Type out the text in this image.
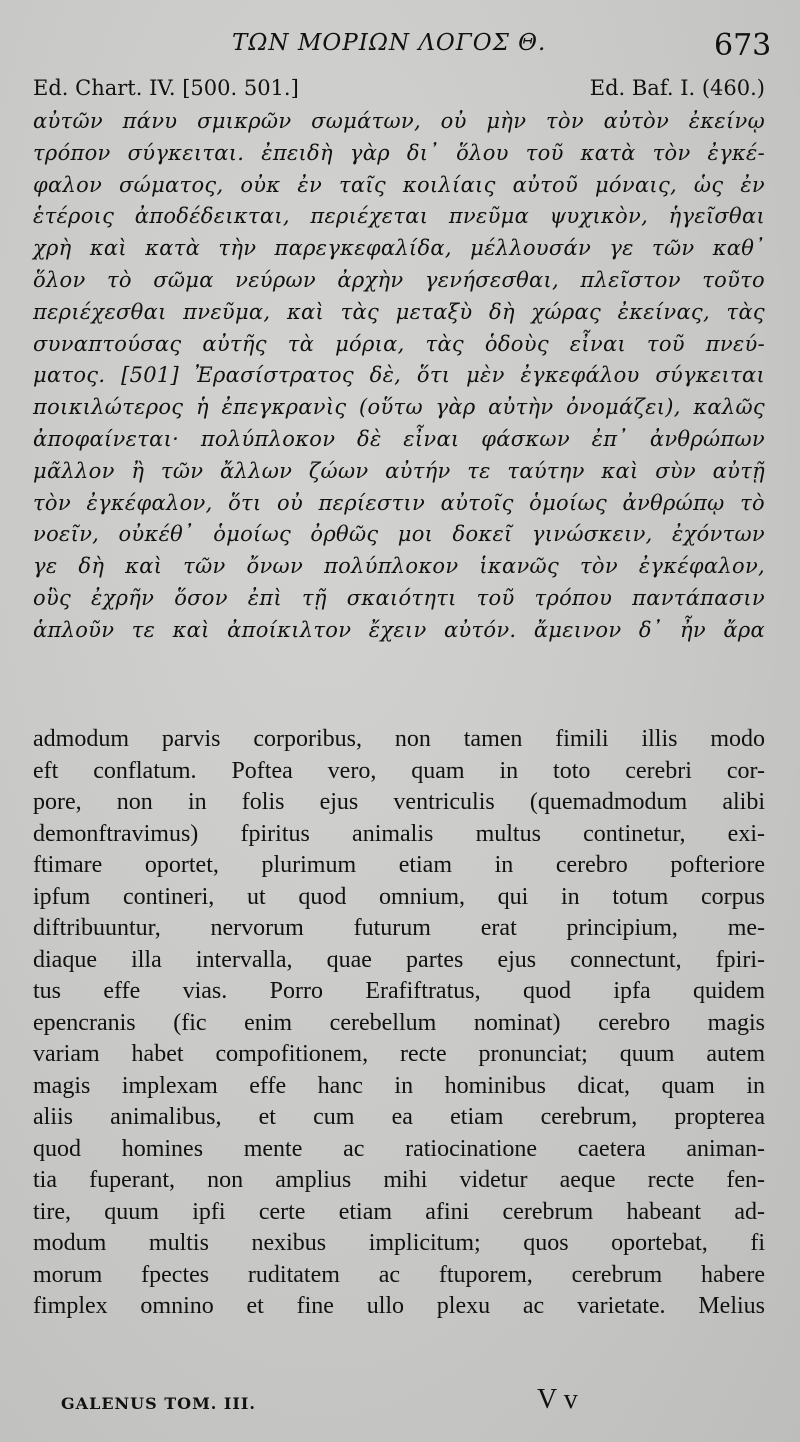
ΤΩΝ ΜΟΡΙΩΝ ΛΟΓΟΣ Θ.	673
Ed. Chart. IV. [500. 501.]	Ed. Baf. I. (460.)
αὐτῶν πάνυ σμικρῶν σωμάτων, οὐ μὴν τὸν αὐτὸν ἐκείνῳ
τρόπον σύγκειται. ἐπειδὴ γὰρ δι᾿ ὅλου τοῦ κατὰ τὸν ἐγκέ-
φαλον σώματος, οὐκ ἐν ταῖς κοιλίαις αὐτοῦ μόναις, ὡς ἐν
ἑτέροις ἀποδέδεικται, περιέχεται πνεῦμα ψυχικὸν, ἡγεῖσθαι
χρὴ καὶ κατὰ τὴν παρεγκεφαλίδα, μέλλουσάν γε τῶν καθ᾿
ὅλον τὸ σῶμα νεύρων ἀρχὴν γενήσεσθαι, πλεῖστον τοῦτο
περιέχεσθαι πνεῦμα, καὶ τὰς μεταξὺ δὴ χώρας ἐκείνας, τὰς
συναπτούσας αὐτῆς τὰ μόρια, τὰς ὁδοὺς εἶναι τοῦ πνεύ-
ματος. [501] Ἐρασίστρατος δὲ, ὅτι μὲν ἐγκεφάλου σύγκειται
ποικιλώτερος ἡ ἐπεγκρανὶς (οὕτω γὰρ αὐτὴν ὀνομάζει), καλῶς
ἀποφαίνεται· πολύπλοκον δὲ εἶναι φάσκων ἐπ᾿ ἀνθρώπων
μᾶλλον ἢ τῶν ἄλλων ζώων αὐτήν τε ταύτην καὶ σὺν αὐτῇ
τὸν ἐγκέφαλον, ὅτι οὐ περίεστιν αὐτοῖς ὁμοίως ἀνθρώπῳ τὸ
νοεῖν, οὐκέθ᾿ ὁμοίως ὀρθῶς μοι δοκεῖ γινώσκειν, ἐχόντων
γε δὴ καὶ τῶν ὄνων πολύπλοκον ἱκανῶς τὸν ἐγκέφαλον,
οὓς ἐχρῆν ὅσον ἐπὶ τῇ σκαιότητι τοῦ τρόπου παντάπασιν
ἁπλοῦν τε καὶ ἀποίκιλτον ἔχειν αὐτόν. ἄμεινον δ᾿ ἦν ἄρα
admodum parvis corporibus, non tamen fimili illis modo
eft conflatum. Poftea vero, quam in toto cerebri cor-
pore, non in folis ejus ventriculis (quemadmodum alibi
demonftravimus) fpiritus animalis multus continetur, exi-
ftimare oportet, plurimum etiam in cerebro pofteriore
ipfum contineri, ut quod omnium, qui in totum corpus
diftribuuntur, nervorum futurum erat principium, me-
diaque illa intervalla, quae partes ejus connectunt, fpiri-
tus effe vias. Porro Erafiftratus, quod ipfa quidem
epencranis (fic enim cerebellum nominat) cerebro magis
variam habet compofitionem, recte pronunciat; quum autem
magis implexam effe hanc in hominibus dicat, quam in
aliis animalibus, et cum ea etiam cerebrum, propterea
quod homines mente ac ratiocinatione caetera animan-
tia fuperant, non amplius mihi videtur aeque recte fen-
tire, quum ipfi certe etiam afini cerebrum habeant ad-
modum multis nexibus implicitum; quos oportebat, fi
morum fpectes ruditatem ac ftuporem, cerebrum habere
fimplex omnino et fine ullo plexu ac varietate. Melius
GALENUS TOM. III.	V v
